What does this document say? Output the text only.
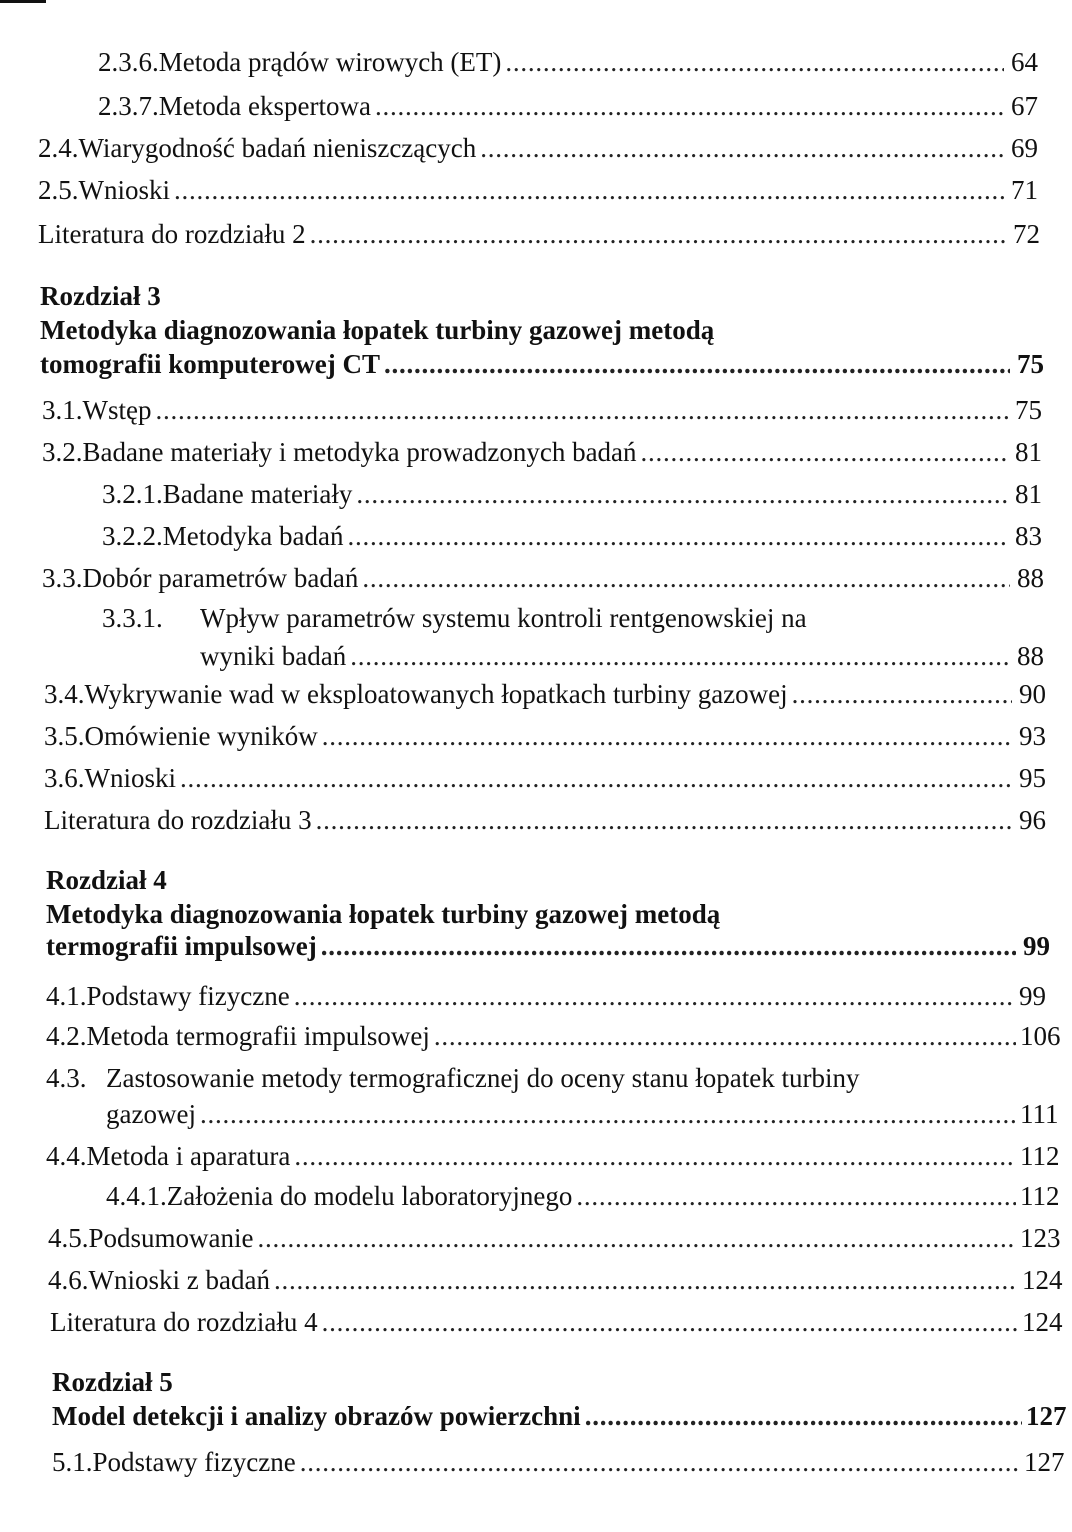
2.3.6. Metoda prądów wirowych (ET) . . .	64
2.3.7. Metoda ekspertowa . . .	67
2.4. Wiarygodność badań nieniszczących . . .	69
2.5. Wnioski . . .	71
Literatura do rozdziału 2 . . .	72
Rozdział 3
Metodyka diagnozowania łopatek turbiny gazowej metodą
tomografii komputerowej CT . . .	75
3.1. Wstęp . . .	75
3.2. Badane materiały i metodyka prowadzonych badań . . .	81
3.2.1. Badane materiały . . .	81
3.2.2. Metodyka badań . . .	83
3.3. Dobór parametrów badań . . .	88
3.3.1.	Wpływ parametrów systemu kontroli rentgenowskiej na
wyniki badań . . .	88
3.4. Wykrywanie wad w eksploatowanych łopatkach turbiny gazowej . . .	90
3.5. Omówienie wyników . . .	93
3.6. Wnioski . . .	95
Literatura do rozdziału 3 . . .	96
Rozdział 4
Metodyka diagnozowania łopatek turbiny gazowej metodą
termografii impulsowej . . .	99
4.1. Podstawy fizyczne . . .	99
4.2. Metoda termografii impulsowej . . .	106
4.3. Zastosowanie metody termograficznej do oceny stanu łopatek turbiny
gazowej . . .	111
4.4. Metoda i aparatura . . .	112
4.4.1. Założenia do modelu laboratoryjnego . . .	112
4.5. Podsumowanie . . .	123
4.6. Wnioski z badań . . .	124
Literatura do rozdziału 4 . . .	124
Rozdział 5
Model detekcji i analizy obrazów powierzchni . . .	127
5.1. Podstawy fizyczne . . .	127
